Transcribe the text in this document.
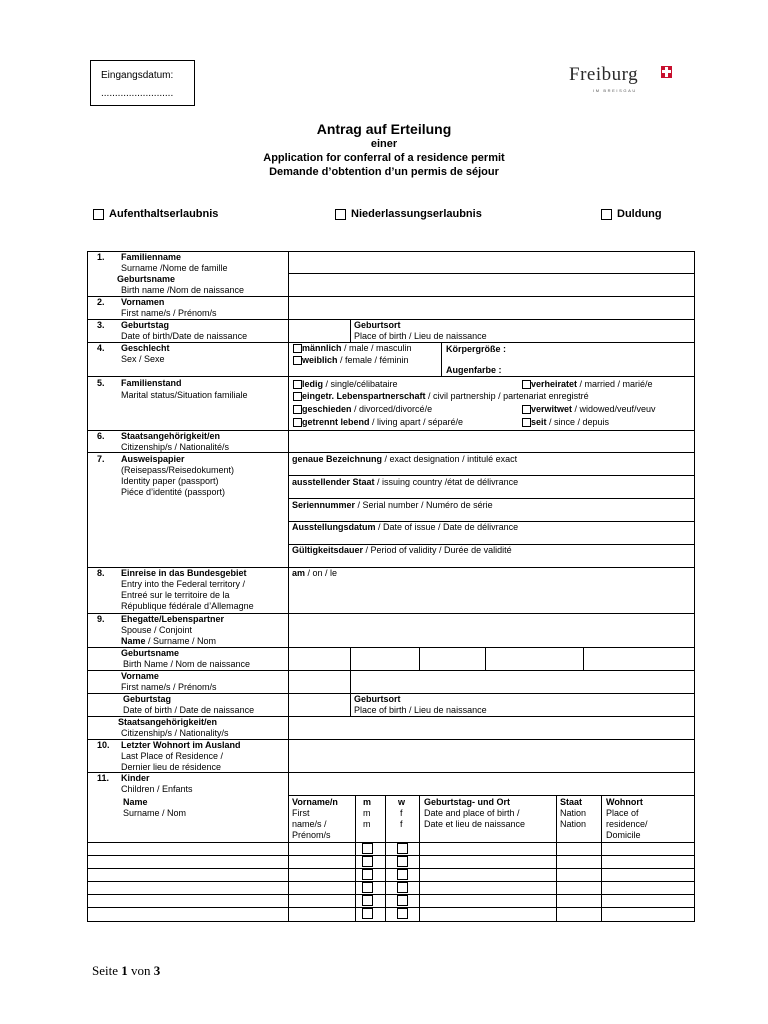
Eingangsdatum:
..........................
Freiburg
IM BREISGAU
Antrag auf Erteilung
einer
Application for conferral of a residence permit
Demande d’obtention d’un permis de séjour
Aufenthaltserlaubnis	Niederlassungserlaubnis	Duldung
1. Familienname
Surname /Nome de famille
Geburtsname
Birth name /Nom de naissance
2. Vornamen
First name/s / Prénom/s
3. Geburtstag
Date of birth/Date de naissance
Geburtsort
Place of birth / Lieu de naissance
4. Geschlecht
Sex / Sexe
männlich / male / masculin
weiblich / female / féminin
Körpergröße :
Augenfarbe :
5. Familienstand
Marital status/Situation familiale
ledig / single/célibataire
eingetr. Lebenspartnerschaft / civil partnership / partenariat enregistré
geschieden / divorced/divorcé/e
getrennt lebend / living apart / séparé/e
verheiratet / married / marié/e
verwitwet / widowed/veuf/veuv
seit / since / depuis
6. Staatsangehörigkeit/en
Citizenship/s / Nationalité/s
7. Ausweispapier
(Reisepass/Reisedokument)
Identity paper (passport)
Piéce d’identité (passport)
genaue Bezeichnung / exact designation / intitulé exact
ausstellender Staat / issuing country /état de délivrance
Seriennummer / Serial number / Numéro de série
Ausstellungsdatum / Date of issue / Date de délivrance
Gültigkeitsdauer / Period of validity / Durée de validité
8. Einreise in das Bundesgebiet
Entry into the Federal territory /
Entreé sur le territoire de la
République fédérale d’Allemagne
am / on / le
9. Ehegatte/Lebenspartner
Spouse / Conjoint
Name / Surname / Nom
Geburtsname
Birth Name / Nom de naissance
Vorname
First name/s / Prénom/s
Geburtstag
Date of birth / Date de naissance
Geburtsort
Place of birth / Lieu de naissance
Staatsangehörigkeit/en
Citizenship/s / Nationality/s
10. Letzter Wohnort im Ausland
Last Place of Residence /
Dernier lieu de résidence
11. Kinder
Children / Enfants
Name
Surname / Nom
Vorname/n
First
name/s /
Prénom/s
m
m
m
w
f
f
Geburtstag- und Ort
Date and place of birth /
Date et lieu de naissance
Staat
Nation
Nation
Wohnort
Place of
residence/
Domicile
Seite 1 von 3
